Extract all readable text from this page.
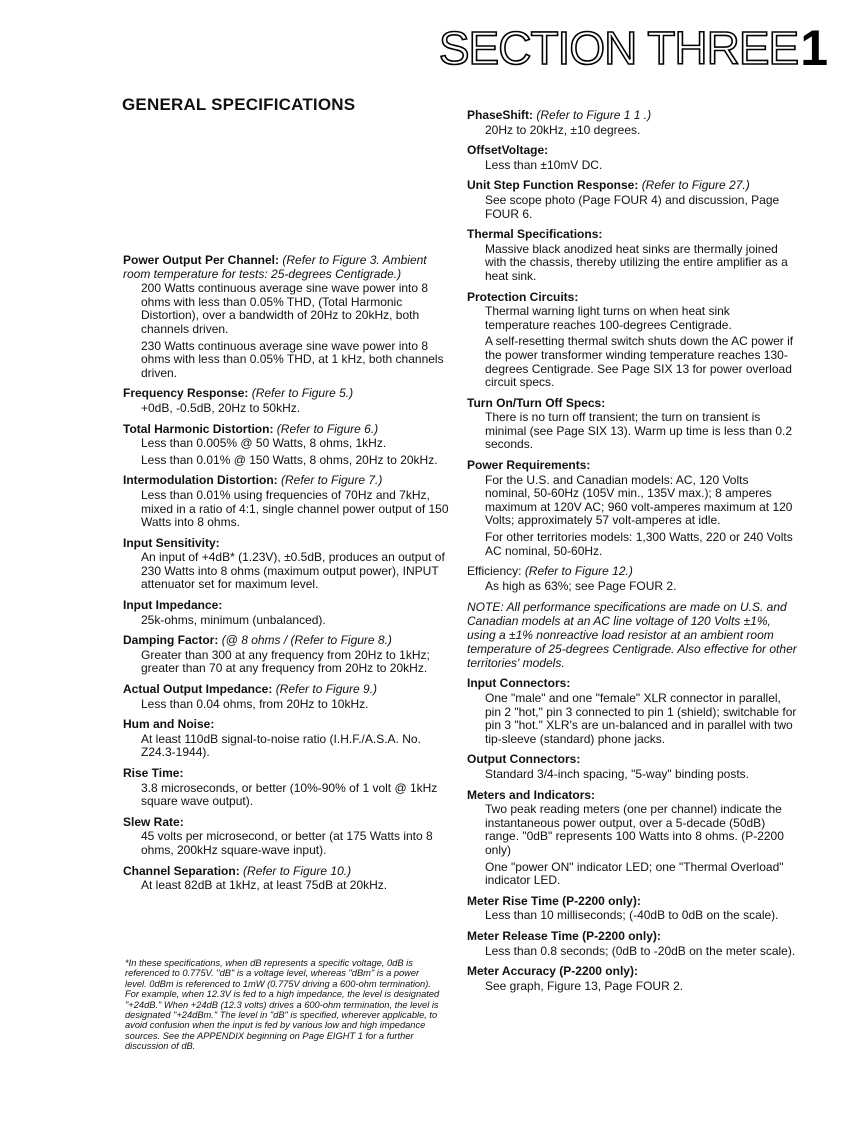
SECTION THREE 1
GENERAL SPECIFICATIONS
Power Output Per Channel: (Refer to Figure 3. Ambient room temperature for tests: 25-degrees Centigrade.)
200 Watts continuous average sine wave power into 8 ohms with less than 0.05% THD, (Total Harmonic Distortion), over a bandwidth of 20Hz to 20kHz, both channels driven.
230 Watts continuous average sine wave power into 8 ohms with less than 0.05% THD, at 1 kHz, both channels driven.
Frequency Response: (Refer to Figure 5.)
+0dB, -0.5dB, 20Hz to 50kHz.
Total Harmonic Distortion: (Refer to Figure 6.)
Less than 0.005% @ 50 Watts, 8 ohms, 1kHz.
Less than 0.01% @ 150 Watts, 8 ohms, 20Hz to 20kHz.
Intermodulation Distortion: (Refer to Figure 7.)
Less than 0.01% using frequencies of 70Hz and 7kHz, mixed in a ratio of 4:1, single channel power output of 150 Watts into 8 ohms.
Input Sensitivity:
An input of +4dB* (1.23V), ±0.5dB, produces an output of 230 Watts into 8 ohms (maximum output power), INPUT attenuator set for maximum level.
Input Impedance:
25k-ohms, minimum (unbalanced).
Damping Factor: (@ 8 ohms / (Refer to Figure 8.)
Greater than 300 at any frequency from 20Hz to 1kHz; greater than 70 at any frequency from 20Hz to 20kHz.
Actual Output Impedance: (Refer to Figure 9.)
Less than 0.04 ohms, from 20Hz to 10kHz.
Hum and Noise:
At least 110dB signal-to-noise ratio (I.H.F./A.S.A. No. Z24.3-1944).
Rise Time:
3.8 microseconds, or better (10%-90% of 1 volt @ 1kHz square wave output).
Slew Rate:
45 volts per microsecond, or better (at 175 Watts into 8 ohms, 200kHz square-wave input).
Channel Separation: (Refer to Figure 10.)
At least 82dB at 1kHz, at least 75dB at 20kHz.
PhaseShift: (Refer to Figure 1 1 .)
20Hz to 20kHz, ±10 degrees.
OffsetVoltage:
Less than ±10mV DC.
Unit Step Function Response: (Refer to Figure 27.)
See scope photo (Page FOUR 4) and discussion, Page FOUR 6.
Thermal Specifications:
Massive black anodized heat sinks are thermally joined with the chassis, thereby utilizing the entire amplifier as a heat sink.
Protection Circuits:
Thermal warning light turns on when heat sink temperature reaches 100-degrees Centigrade.
A self-resetting thermal switch shuts down the AC power if the power transformer winding temperature reaches 130-degrees Centigrade. See Page SIX 13 for power overload circuit specs.
Turn On/Turn Off Specs:
There is no turn off transient; the turn on transient is minimal (see Page SIX 13). Warm up time is less than 0.2 seconds.
Power Requirements:
For the U.S. and Canadian models: AC, 120 Volts nominal, 50-60Hz (105V min., 135V max.); 8 amperes maximum at 120V AC; 960 volt-amperes maximum at 120 Volts; approximately 57 volt-amperes at idle.
For other territories models: 1,300 Watts, 220 or 240 Volts AC nominal, 50-60Hz.
Efficiency: (Refer to Figure 12.)
As high as 63%; see Page FOUR 2.
NOTE: All performance specifications are made on U.S. and Canadian models at an AC line voltage of 120 Volts ±1%, using a ±1% nonreactive load resistor at an ambient room temperature of 25-degrees Centigrade. Also effective for other territories' models.
Input Connectors:
One "male" and one "female" XLR connector in parallel, pin 2 "hot," pin 3 connected to pin 1 (shield); switchable for pin 3 "hot." XLR's are un-balanced and in parallel with two tip-sleeve (standard) phone jacks.
Output Connectors:
Standard 3/4-inch spacing, "5-way" binding posts.
Meters and Indicators:
Two peak reading meters (one per channel) indicate the instantaneous power output, over a 5-decade (50dB) range. "0dB" represents 100 Watts into 8 ohms. (P-2200 only)
One "power ON" indicator LED; one "Thermal Overload" indicator LED.
Meter Rise Time (P-2200 only):
Less than 10 milliseconds; (-40dB to 0dB on the scale).
Meter Release Time (P-2200 only):
Less than 0.8 seconds; (0dB to -20dB on the meter scale).
Meter Accuracy (P-2200 only):
See graph, Figure 13, Page FOUR 2.
*In these specifications, when dB represents a specific voltage, 0dB is referenced to 0.775V. "dB" is a voltage level, whereas "dBm" is a power level. 0dBm is referenced to 1mW (0.775V driving a 600-ohm termination). For example, when 12.3V is fed to a high impedance, the level is designated "+24dB." When +24dB (12.3 volts) drives a 600-ohm termination, the level is designated "+24dBm." The level in "dB" is specified, wherever applicable, to avoid confusion when the input is fed by various low and high impedance sources. See the APPENDIX beginning on Page EIGHT 1 for a further discussion of dB.
